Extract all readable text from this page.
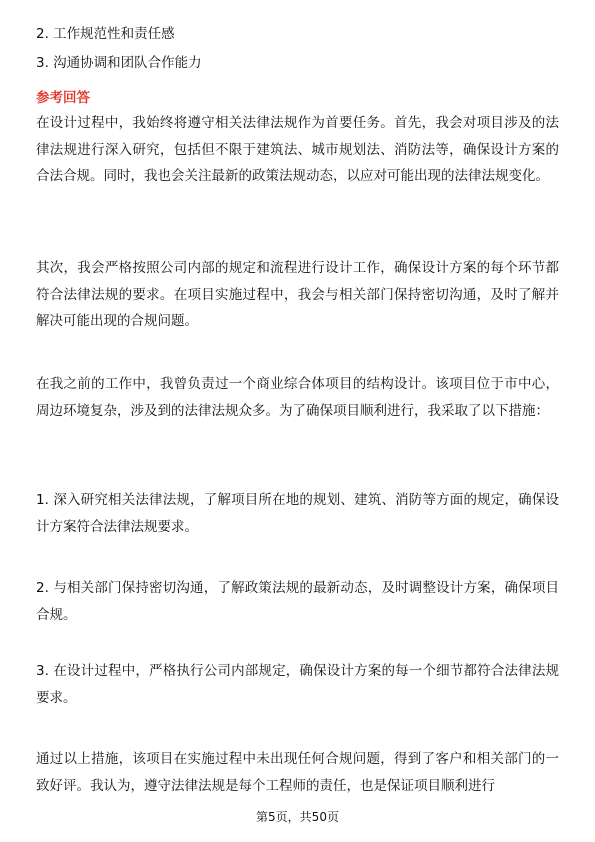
2. 工作规范性和责任感
3. 沟通协调和团队合作能力
参考回答

在设计过程中，我始终将遵守相关法律法规作为首要任务。首先，我会对项目涉及的法律法规进行深入研究，包括但不限于建筑法、城市规划法、消防法等，确保设计方案的合法合规。同时，我也会关注最新的政策法规动态，以应对可能出现的法律法规变化。

其次，我会严格按照公司内部的规定和流程进行设计工作，确保设计方案的每个环节都符合法律法规的要求。在项目实施过程中，我会与相关部门保持密切沟通，及时了解并解决可能出现的合规问题。

在我之前的工作中，我曾负责过一个商业综合体项目的结构设计。该项目位于市中心，周边环境复杂，涉及到的法律法规众多。为了确保项目顺利进行，我采取了以下措施：

1. 深入研究相关法律法规，了解项目所在地的规划、建筑、消防等方面的规定，确保设计方案符合法律法规要求。

2. 与相关部门保持密切沟通，了解政策法规的最新动态，及时调整设计方案，确保项目合规。

3. 在设计过程中，严格执行公司内部规定，确保设计方案的每一个细节都符合法律法规要求。

通过以上措施，该项目在实施过程中未出现任何合规问题，得到了客户和相关部门的一致好评。我认为，遵守法律法规是每个工程师的责任，也是保证项目顺利进行

第5页，共50页
